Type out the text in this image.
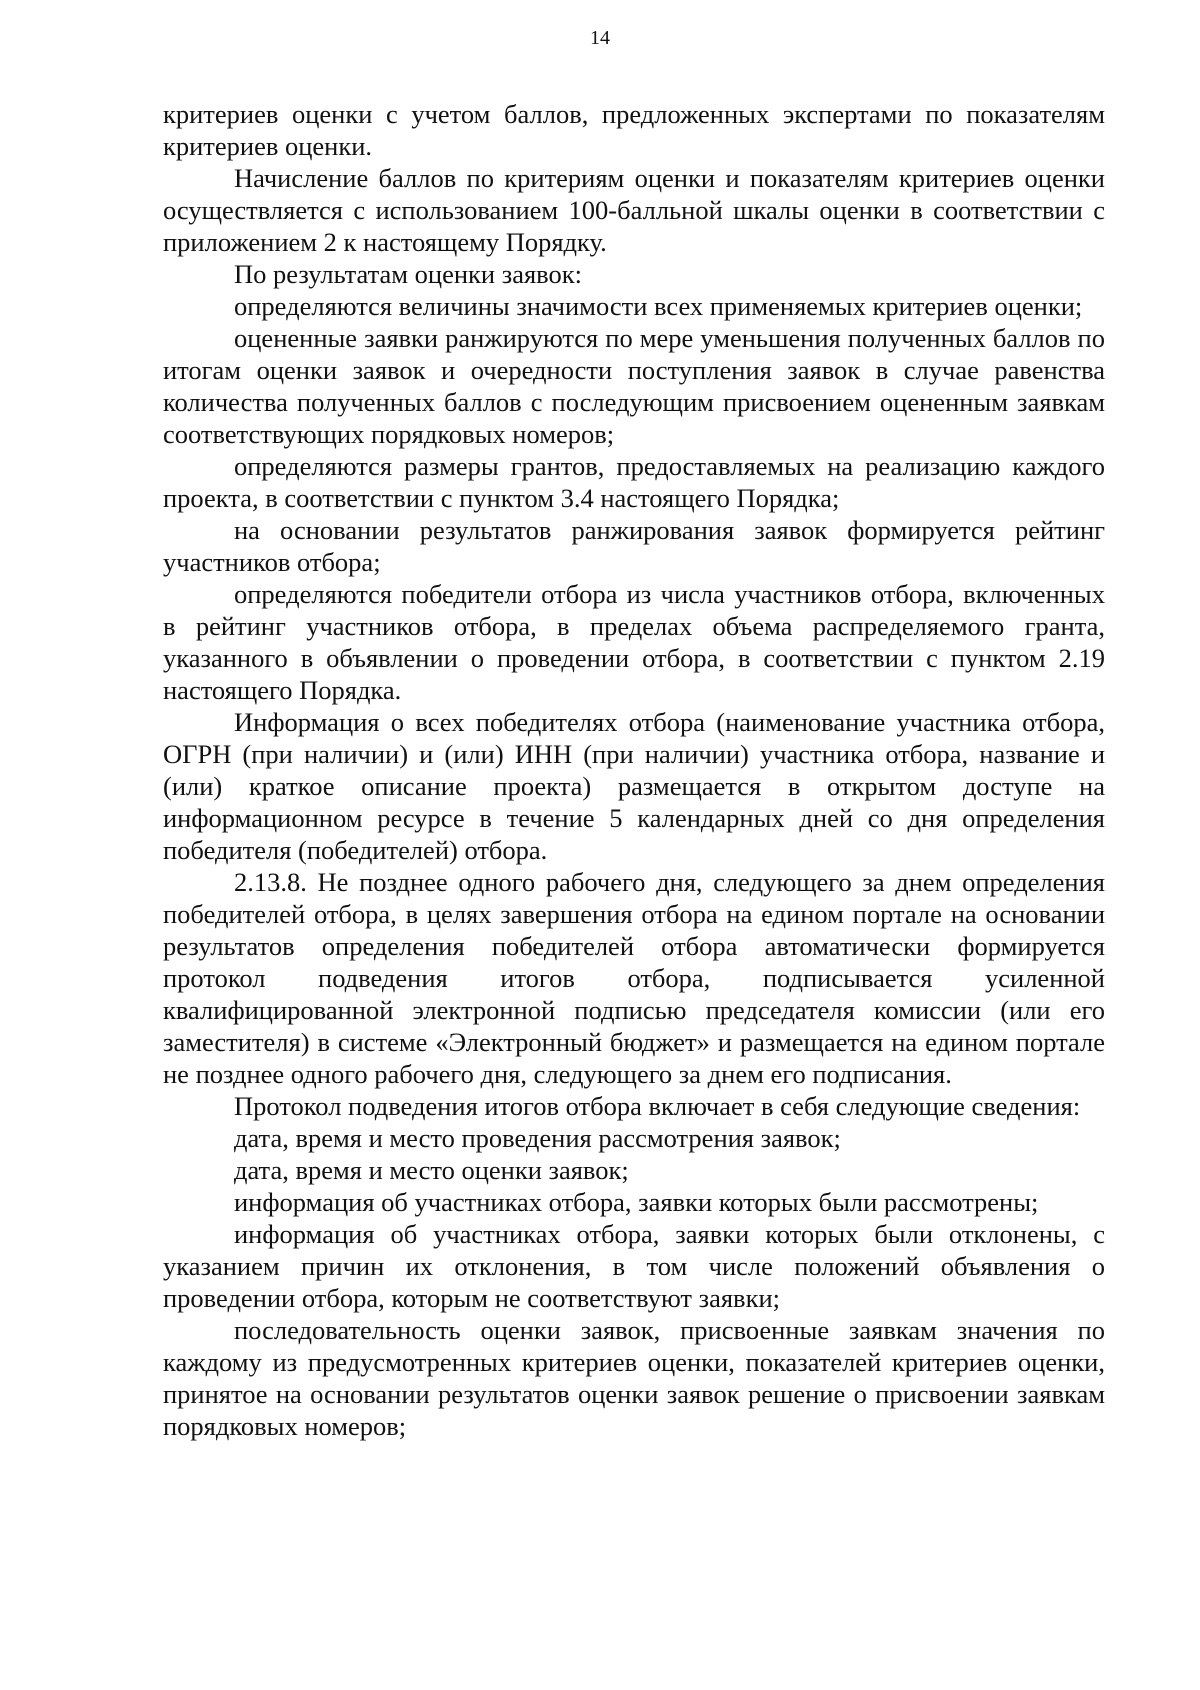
14

критериев оценки с учетом баллов, предложенных экспертами по показателям критериев оценки.

Начисление баллов по критериям оценки и показателям критериев оценки осуществляется с использованием 100-балльной шкалы оценки в соответствии с приложением 2 к настоящему Порядку.

По результатам оценки заявок:

определяются величины значимости всех применяемых критериев оценки;

оцененные заявки ранжируются по мере уменьшения полученных баллов по итогам оценки заявок и очередности поступления заявок в случае равенства количества полученных баллов с последующим присвоением оцененным заявкам соответствующих порядковых номеров;

определяются размеры грантов, предоставляемых на реализацию каждого проекта, в соответствии с пунктом 3.4 настоящего Порядка;

на основании результатов ранжирования заявок формируется рейтинг участников отбора;

определяются победители отбора из числа участников отбора, включенных в рейтинг участников отбора, в пределах объема распределяемого гранта, указанного в объявлении о проведении отбора, в соответствии с пунктом 2.19 настоящего Порядка.

Информация о всех победителях отбора (наименование участника отбора, ОГРН (при наличии) и (или) ИНН (при наличии) участника отбора, название и (или) краткое описание проекта) размещается в открытом доступе на информационном ресурсе в течение 5 календарных дней со дня определения победителя (победителей) отбора.

2.13.8. Не позднее одного рабочего дня, следующего за днем определения победителей отбора, в целях завершения отбора на едином портале на основании результатов определения победителей отбора автоматически формируется протокол подведения итогов отбора, подписывается усиленной квалифицированной электронной подписью председателя комиссии (или его заместителя) в системе «Электронный бюджет» и размещается на едином портале не позднее одного рабочего дня, следующего за днем его подписания.

Протокол подведения итогов отбора включает в себя следующие сведения:

дата, время и место проведения рассмотрения заявок;

дата, время и место оценки заявок;

информация об участниках отбора, заявки которых были рассмотрены;

информация об участниках отбора, заявки которых были отклонены, с указанием причин их отклонения, в том числе положений объявления о проведении отбора, которым не соответствуют заявки;

последовательность оценки заявок, присвоенные заявкам значения по каждому из предусмотренных критериев оценки, показателей критериев оценки, принятое на основании результатов оценки заявок решение о присвоении заявкам порядковых номеров;
